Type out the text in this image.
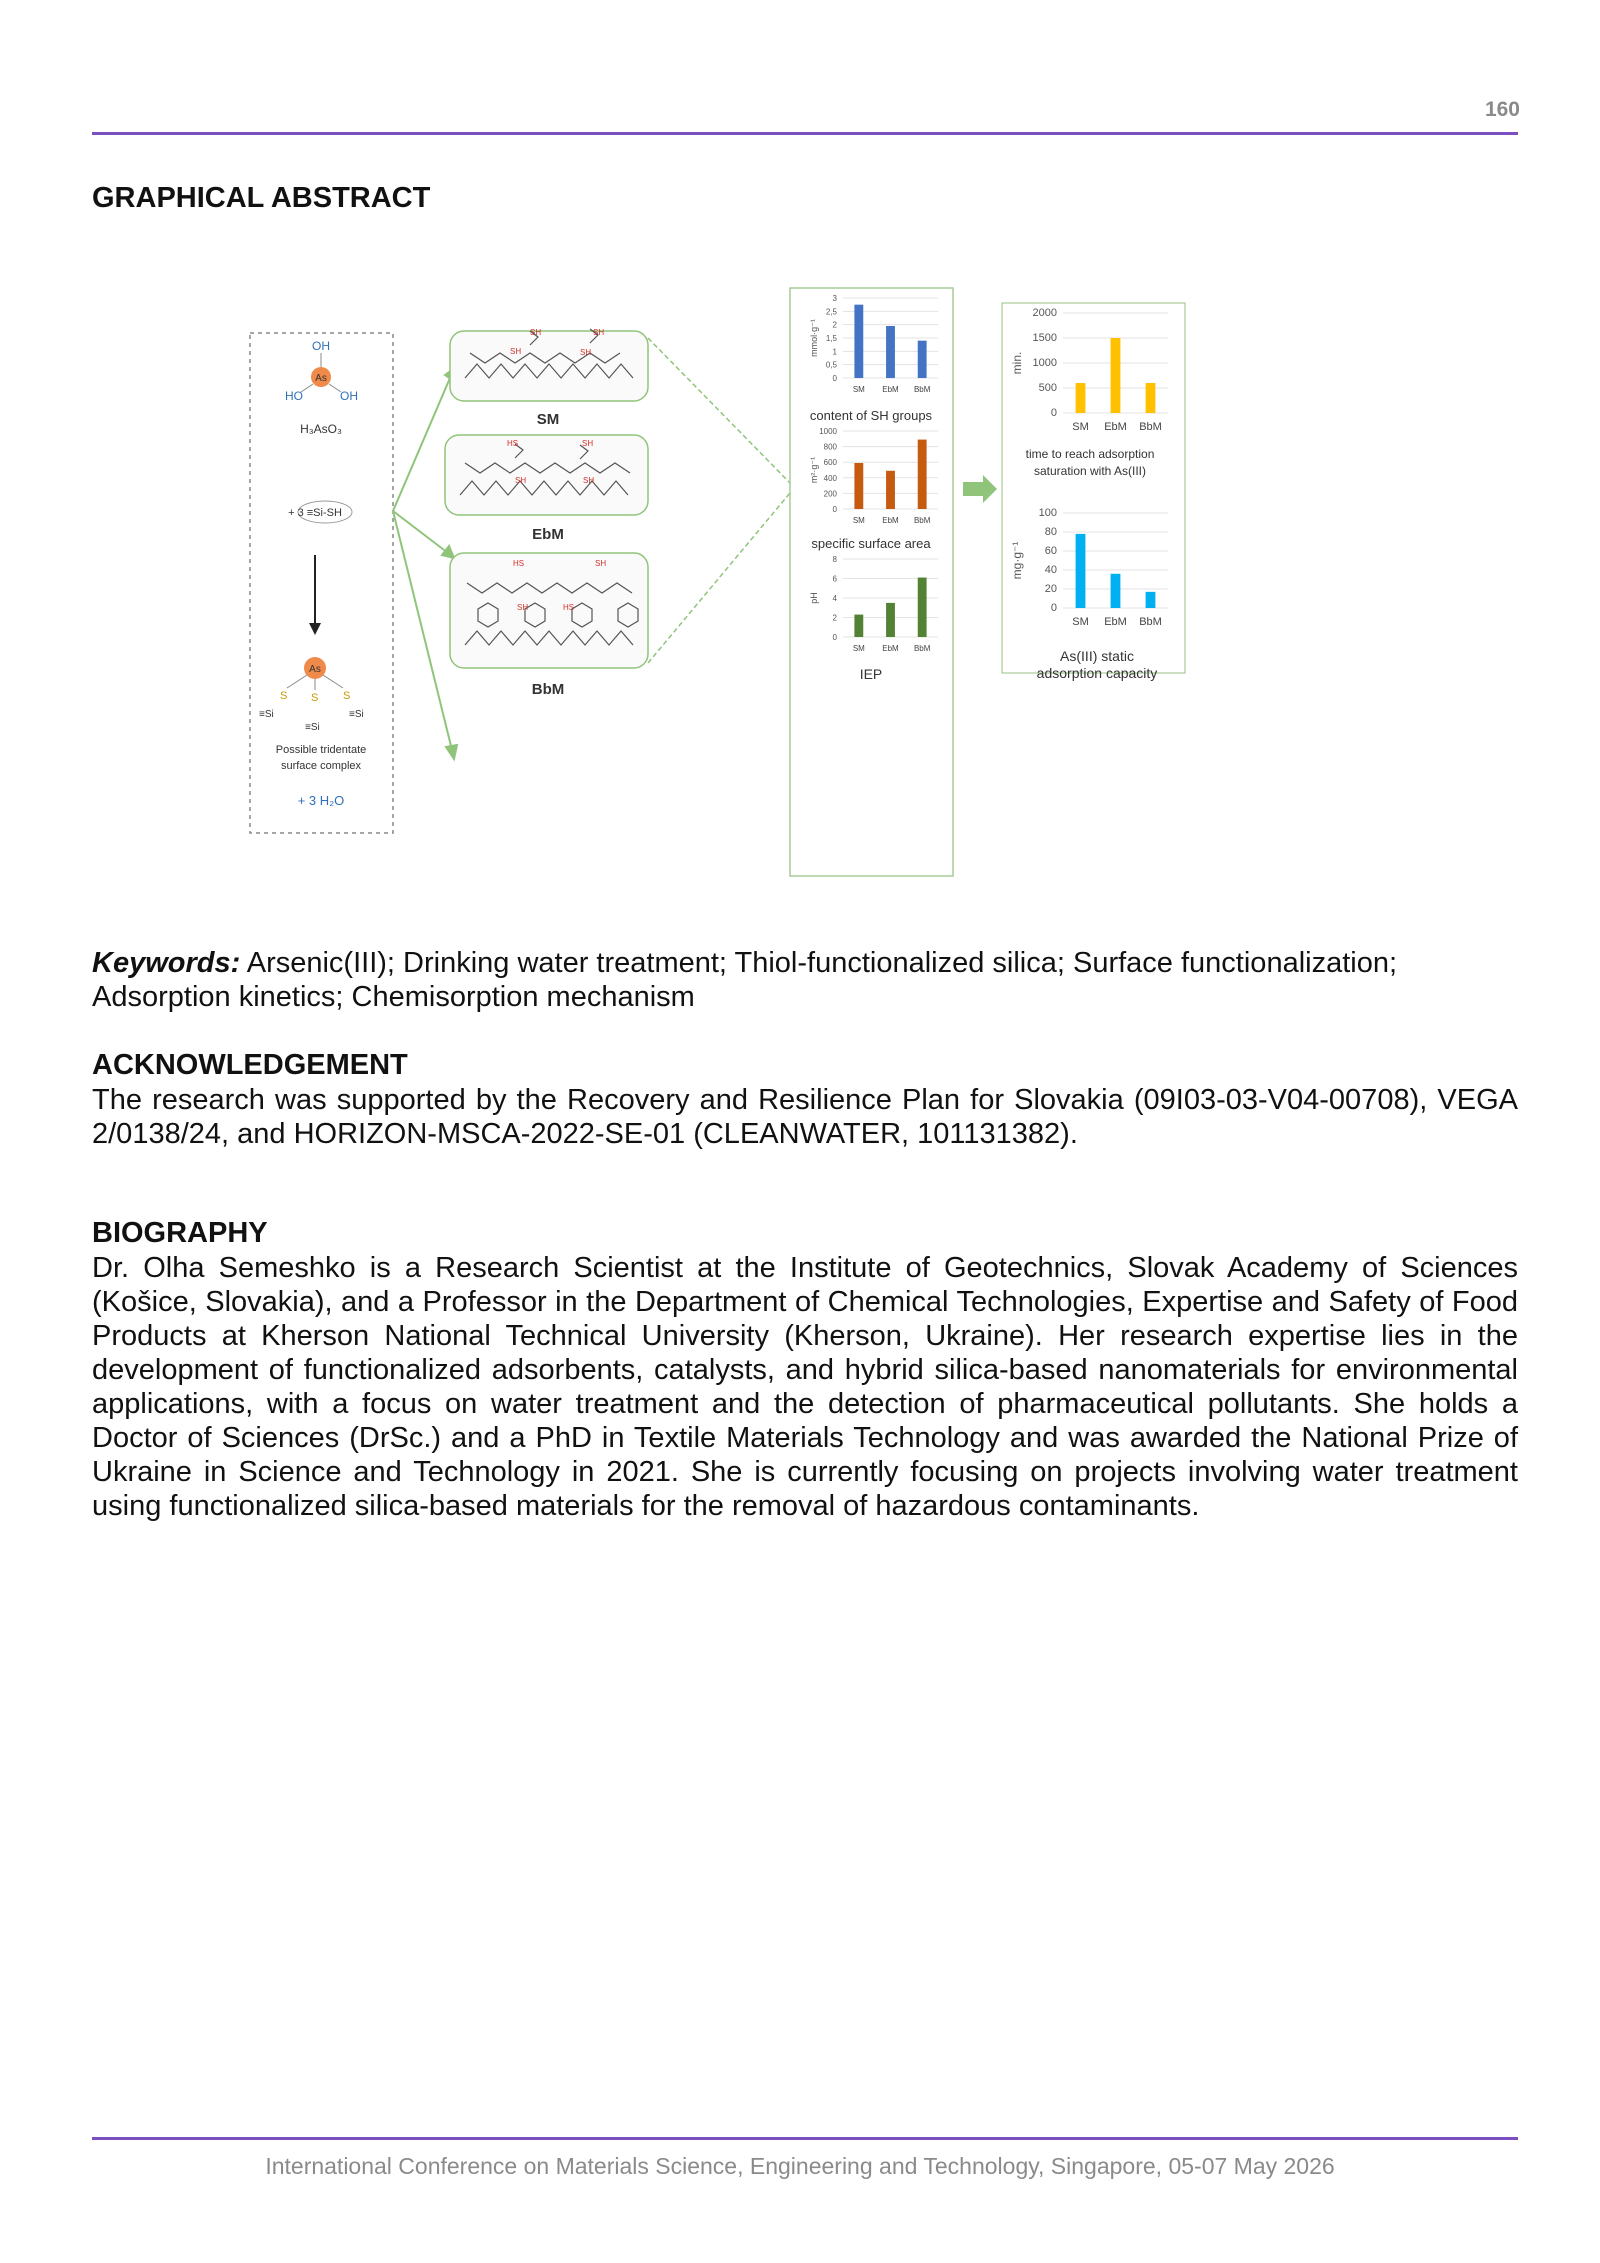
160
GRAPHICAL ABSTRACT
OH
As
HO	OH
H₃AsO₃
+ 3 ≡Si-SH
As
S S S
≡Si
≡Si
≡Si
Possible tridentate
surface complex
+ 3 H₂O
SH	SH
SH	SH
SM
HS	SH
SH	SH
EbM
HS	SH
SH	HS
BbM
content of SH groups
specific surface area
IEP
time to reach adsorption
saturation with As(III)
As(III) static
adsorption capacity
0
0,5
1
1,5
2
2,5
3
mmol·g⁻¹
SM EbM BbM
0
200
400
600
800
1000
m²·g⁻¹
SM EbM BbM
0
2
4
6
8
pH
SM EbM BbM
0
500
1000
1500
2000
min.
SM EbM BbM
0
20
40
60
80
100
mg·g⁻¹
SM EbM BbM

Keywords: Arsenic(III); Drinking water treatment; Thiol-functionalized silica; Surface functionalization; Adsorption kinetics; Chemisorption mechanism

ACKNOWLEDGEMENT

The research was supported by the Recovery and Resilience Plan for Slovakia (09I03-03-V04-00708), VEGA 2/0138/24, and HORIZON-MSCA-2022-SE-01 (CLEANWATER, 101131382).

BIOGRAPHY

Dr. Olha Semeshko is a Research Scientist at the Institute of Geotechnics, Slovak Academy of Sciences (Košice, Slovakia), and a Professor in the Department of Chemical Technologies, Expertise and Safety of Food Products at Kherson National Technical University (Kherson, Ukraine). Her research expertise lies in the development of functionalized adsorbents, catalysts, and hybrid silica-based nanomaterials for environmental applications, with a focus on water treatment and the detection of pharmaceutical pollutants. She holds a Doctor of Sciences (DrSc.) and a PhD in Textile Materials Technology and was awarded the National Prize of Ukraine in Science and Technology in 2021. She is currently focusing on projects involving water treatment using functionalized silica-based materials for the removal of hazardous contaminants.

International Conference on Materials Science, Engineering and Technology, Singapore, 05-07 May 2026
